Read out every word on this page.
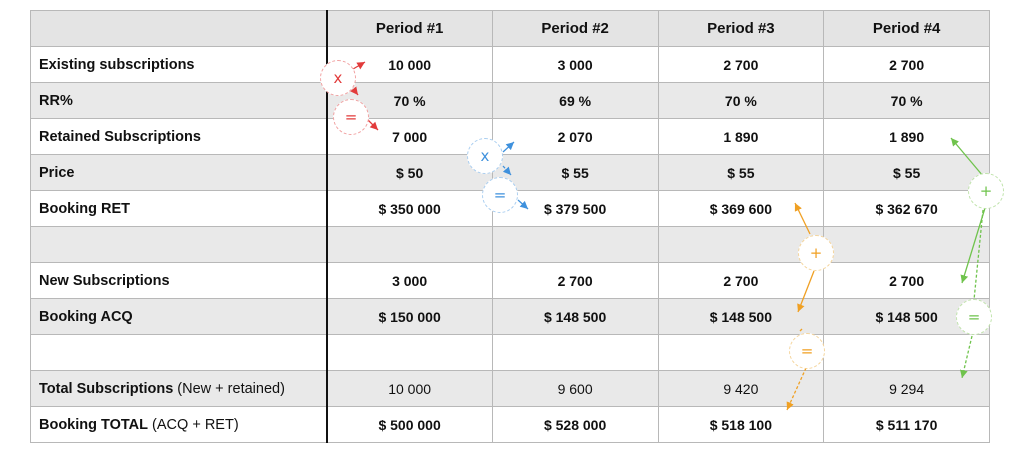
	Period #1	Period #2	Period #3	Period #4
Existing subscriptions	10 000	3 000	2 700	2 700
RR%	70 %	69 %	70 %	70 %
Retained Subscriptions	7 000	2 070	1 890	1 890
Price	$ 50	$ 55	$ 55	$ 55
Booking RET	$ 350 000	$ 379 500	$ 369 600	$ 362 670

New Subscriptions	3 000	2 700	2 700	2 700
Booking ACQ	$ 150 000	$ 148 500	$ 148 500	$ 148 500

Total Subscriptions (New + retained)	10 000	9 600	9 420	9 294
Booking TOTAL (ACQ + RET)	$ 500 000	$ 528 000	$ 518 100	$ 511 170
x
=
x
=
+
=
+
=
